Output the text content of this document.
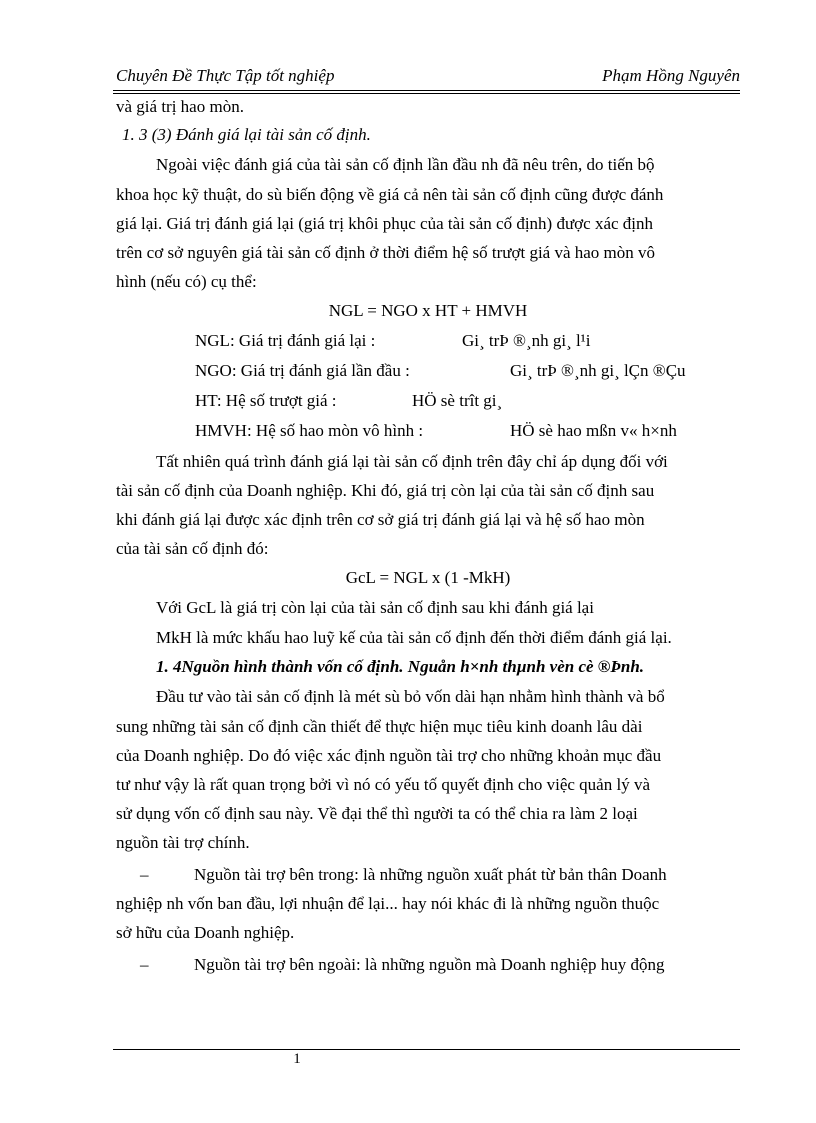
Chuyên Đề Thực Tập tốt nghiệp	Phạm Hồng Nguyên
và giá trị hao mòn.
1. 3 (3) Đánh giá lại tài sản cố định.
Ngoài việc đánh giá của tài sản cố định lần đầu nh đã nêu trên, do tiến bộ
khoa học kỹ thuật, do sù biến động về giá cả nên tài sản cố định cũng được đánh
giá lại. Giá trị đánh giá lại (giá trị khôi phục của tài sản cố định) được xác định
trên cơ sở nguyên giá tài sản cố định ở thời điểm hệ số trượt giá và hao mòn vô
hình (nếu có) cụ thể:
NGL = NGO x HT + HMVH
NGL: Giá trị đánh giá lại :	Gi¸ trÞ ®¸nh gi¸ l¹i
NGO: Giá trị đánh giá lần đầu :	Gi¸ trÞ ®¸nh gi¸ lÇn ®Çu
HT: Hệ số trượt giá :	HÖ sè trît gi¸
HMVH: Hệ số hao mòn vô hình :	HÖ sè hao mßn v« h×nh
Tất nhiên quá trình đánh giá lại tài sản cố định trên đây chỉ áp dụng đối với
tài sản cố định của Doanh nghiệp. Khi đó, giá trị còn lại của tài sản cố định sau
khi đánh giá lại được xác định trên cơ sở giá trị đánh giá lại và hệ số hao mòn
của tài sản cố định đó:
GcL = NGL x (1 -MkH)
Với GcL là giá trị còn lại của tài sản cố định sau khi đánh giá lại
MkH là mức khấu hao luỹ kế của tài sản cố định đến thời điểm đánh giá lại.
1. 4Nguồn hình thành vốn cố định. Nguån h×nh thµnh vèn cè ®Þnh.
Đầu tư vào tài sản cố định là mét sù bỏ vốn dài hạn nhằm hình thành và bổ
sung những tài sản cố định cần thiết để thực hiện mục tiêu kinh doanh lâu dài
của Doanh nghiệp. Do đó việc xác định nguồn tài trợ cho những khoản mục đầu
tư như vậy là rất quan trọng bởi vì nó có yếu tố quyết định cho việc quản lý và
sử dụng vốn cố định sau này. Về đại thể thì người ta có thể chia ra làm 2 loại
nguồn tài trợ chính.
–	Nguồn tài trợ bên trong: là những nguồn xuất phát từ bản thân Doanh
nghiệp nh vốn ban đầu, lợi nhuận để lại... hay nói khác đi là những nguồn thuộc
sở hữu của Doanh nghiệp.
–	Nguồn tài trợ bên ngoài: là những nguồn mà Doanh nghiệp huy động
1
